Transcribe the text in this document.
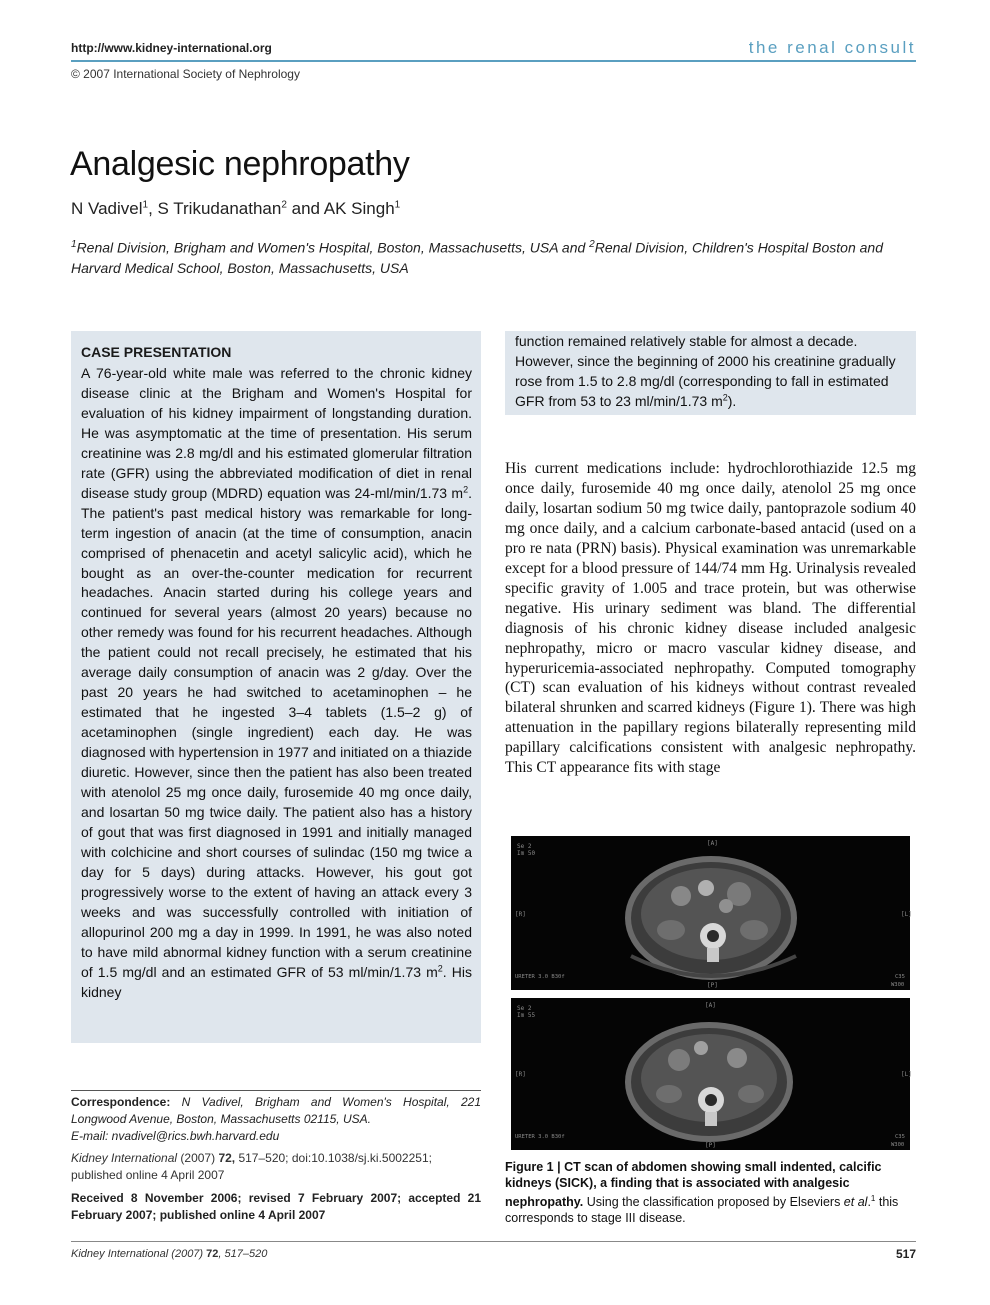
http://www.kidney-international.org	the renal consult
© 2007 International Society of Nephrology
Analgesic nephropathy
N Vadivel$^1$, S Trikudanathan$^2$ and AK Singh$^1$
$^1$Renal Division, Brigham and Women's Hospital, Boston, Massachusetts, USA and $^2$Renal Division, Children's Hospital Boston and Harvard Medical School, Boston, Massachusetts, USA
CASE PRESENTATION
A 76-year-old white male was referred to the chronic kidney disease clinic at the Brigham and Women's Hospital for evaluation of his kidney impairment of longstanding duration. He was asymptomatic at the time of presentation. His serum creatinine was 2.8 mg/dl and his estimated glomerular filtration rate (GFR) using the abbreviated modification of diet in renal disease study group (MDRD) equation was 24-ml/min/1.73 $m^2$. The patient's past medical history was remarkable for long-term ingestion of anacin (at the time of consumption, anacin comprised of phenacetin and acetyl salicylic acid), which he bought as an over-the-counter medication for recurrent headaches. Anacin started during his college years and continued for several years (almost 20 years) because no other remedy was found for his recurrent headaches. Although the patient could not recall precisely, he estimated that his average daily consumption of anacin was 2 g/day. Over the past 20 years he had switched to acetaminophen – he estimated that he ingested 3–4 tablets (1.5–2 g) of acetaminophen (single ingredient) each day. He was diagnosed with hypertension in 1977 and initiated on a thiazide diuretic. However, since then the patient has also been treated with atenolol 25 mg once daily, furosemide 40 mg once daily, and losartan 50 mg twice daily. The patient also has a history of gout that was first diagnosed in 1991 and initially managed with colchicine and short courses of sulindac (150 mg twice a day for 5 days) during attacks. However, his gout got progressively worse to the extent of having an attack every 3 weeks and was successfully controlled with initiation of allopurinol 200 mg a day in 1999. In 1991, he was also noted to have mild abnormal kidney function with a serum creatinine of 1.5 mg/dl and an estimated GFR of 53 ml/min/1.73 $m^2$. His kidney
function remained relatively stable for almost a decade. However, since the beginning of 2000 his creatinine gradually rose from 1.5 to 2.8 mg/dl (corresponding to fall in estimated GFR from 53 to 23 ml/min/1.73 $m^2$).
His current medications include: hydrochlorothiazide 12.5 mg once daily, furosemide 40 mg once daily, atenolol 25 mg once daily, losartan sodium 50 mg twice daily, pantoprazole sodium 40 mg once daily, and a calcium carbonate-based antacid (used on a pro re nata (PRN) basis). Physical examination was unremarkable except for a blood pressure of 144/74 mm Hg. Urinalysis revealed specific gravity of 1.005 and trace protein, but was otherwise negative. His urinary sediment was bland. The differential diagnosis of his chronic kidney disease included analgesic nephropathy, micro or macro vascular kidney disease, and hyperuricemia-associated nephropathy. Computed tomography (CT) scan evaluation of his kidneys without contrast revealed bilateral shrunken and scarred kidneys (Figure 1). There was high attenuation in the papillary regions bilaterally representing mild papillary calcifications consistent with analgesic nephropathy. This CT appearance fits with stage
Se 2
Im 50
[A]
[R]	[L]
URETER 3.0 B30f
[P]
C35
W300
Se 2
Im 55
[A]
[R]	[L]
URETER 3.0 B30f
[P]
C35
W300
Figure 1 | CT scan of abdomen showing small indented, calcific kidneys (SICK), a finding that is associated with analgesic nephropathy. Using the classification proposed by Elseviers et al.$^1$ this corresponds to stage III disease.
Correspondence: N Vadivel, Brigham and Women's Hospital, 221 Longwood Avenue, Boston, Massachusetts 02115, USA.
E-mail: nvadivel@rics.bwh.harvard.edu
Kidney International (2007) 72, 517–520; doi:10.1038/sj.ki.5002251; published online 4 April 2007
Received 8 November 2006; revised 7 February 2007; accepted 21 February 2007; published online 4 April 2007
Kidney International (2007) 72, 517–520	517
